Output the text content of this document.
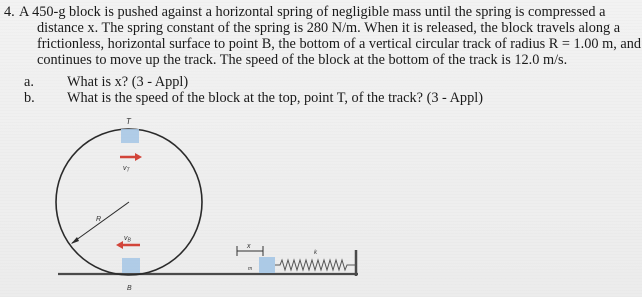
4. A 450-g block is pushed against a horizontal spring of negligible mass until the spring is compressed a
distance x. The spring constant of the spring is 280 N/m. When it is released, the block travels along a
frictionless, horizontal surface to point B, the bottom of a vertical circular track of radius R = 1.00 m, and
continues to move up the track. The speed of the block at the bottom of the track is 12.0 m/s.
a. What is x? (3 - Appl)
b. What is the speed of the block at the top, point T, of the track? (3 - Appl)
T
$v_T$
R
$v_B$
B
x
m
k
